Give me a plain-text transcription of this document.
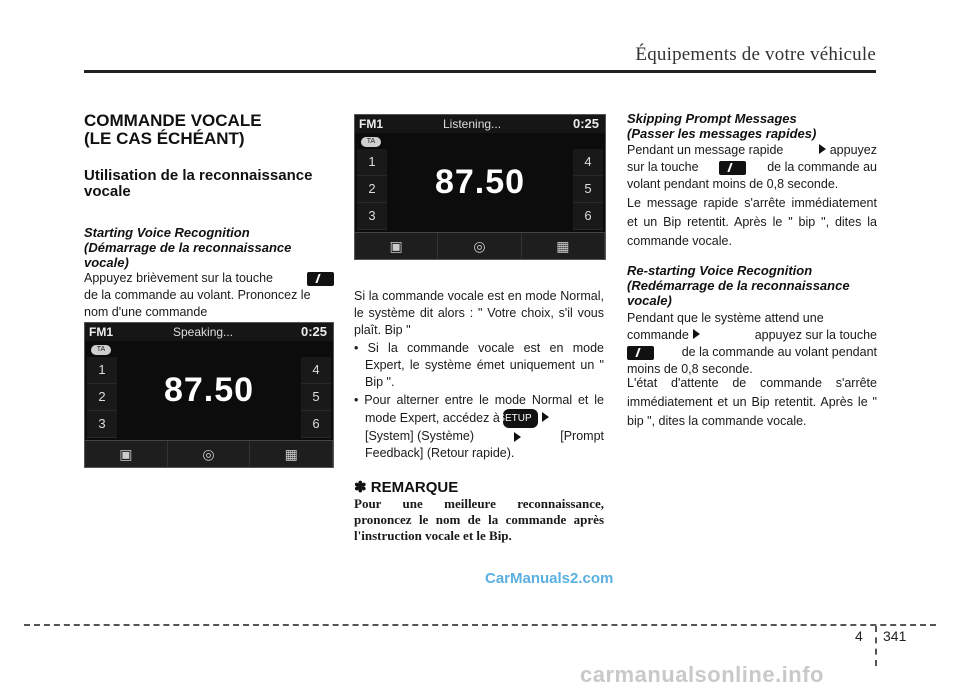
Équipements de votre véhicule
COMMANDE VOCALE
(LE CAS ÉCHÉANT)
Utilisation de la reconnaissance
vocale
Starting Voice Recognition
(Démarrage de la reconnaissance
vocale)
Appuyez brièvement sur la touche
de la commande au volant. Prononcez le
nom d'une commande
FM1	Speaking...	0:25
TA
1
2
3
4
5
6
87.50
▣	◎	▦
FM1	Listening...	0:25
TA
1
2
3
4
5
6
87.50
▣	◎	▦
Si la commande vocale est en mode Normal, le système dit alors : " Votre choix, s'il vous plaît. Bip "
• Si la commande vocale est en mode Expert, le système émet uniquement un " Bip ".
• Pour alterner entre le mode Normal et le mode Expert, accédez à SETUP
[System] (Système)	[Prompt
Feedback] (Retour rapide).
✽ REMARQUE
Pour une meilleure reconnaissance, prononcez le nom de la commande après l'instruction vocale et le Bip.
Skipping Prompt Messages
(Passer les messages rapides)
Pendant un message rapide	appuyez
sur la touche	de la commande au
volant pendant moins de 0,8 seconde.
Le message rapide s'arrête immédiatement et un Bip retentit. Après le " bip ", dites la commande vocale.
Re-starting Voice Recognition
(Redémarrage de la reconnaissance
vocale)
Pendant que le système attend une
commande	appuyez sur la touche
de la commande au volant pendant
moins de 0,8 seconde.
L'état d'attente de commande s'arrête immédiatement et un Bip retentit. Après le " bip ", dites la commande vocale.
CarManuals2.com
4 341
carmanualsonline.info
